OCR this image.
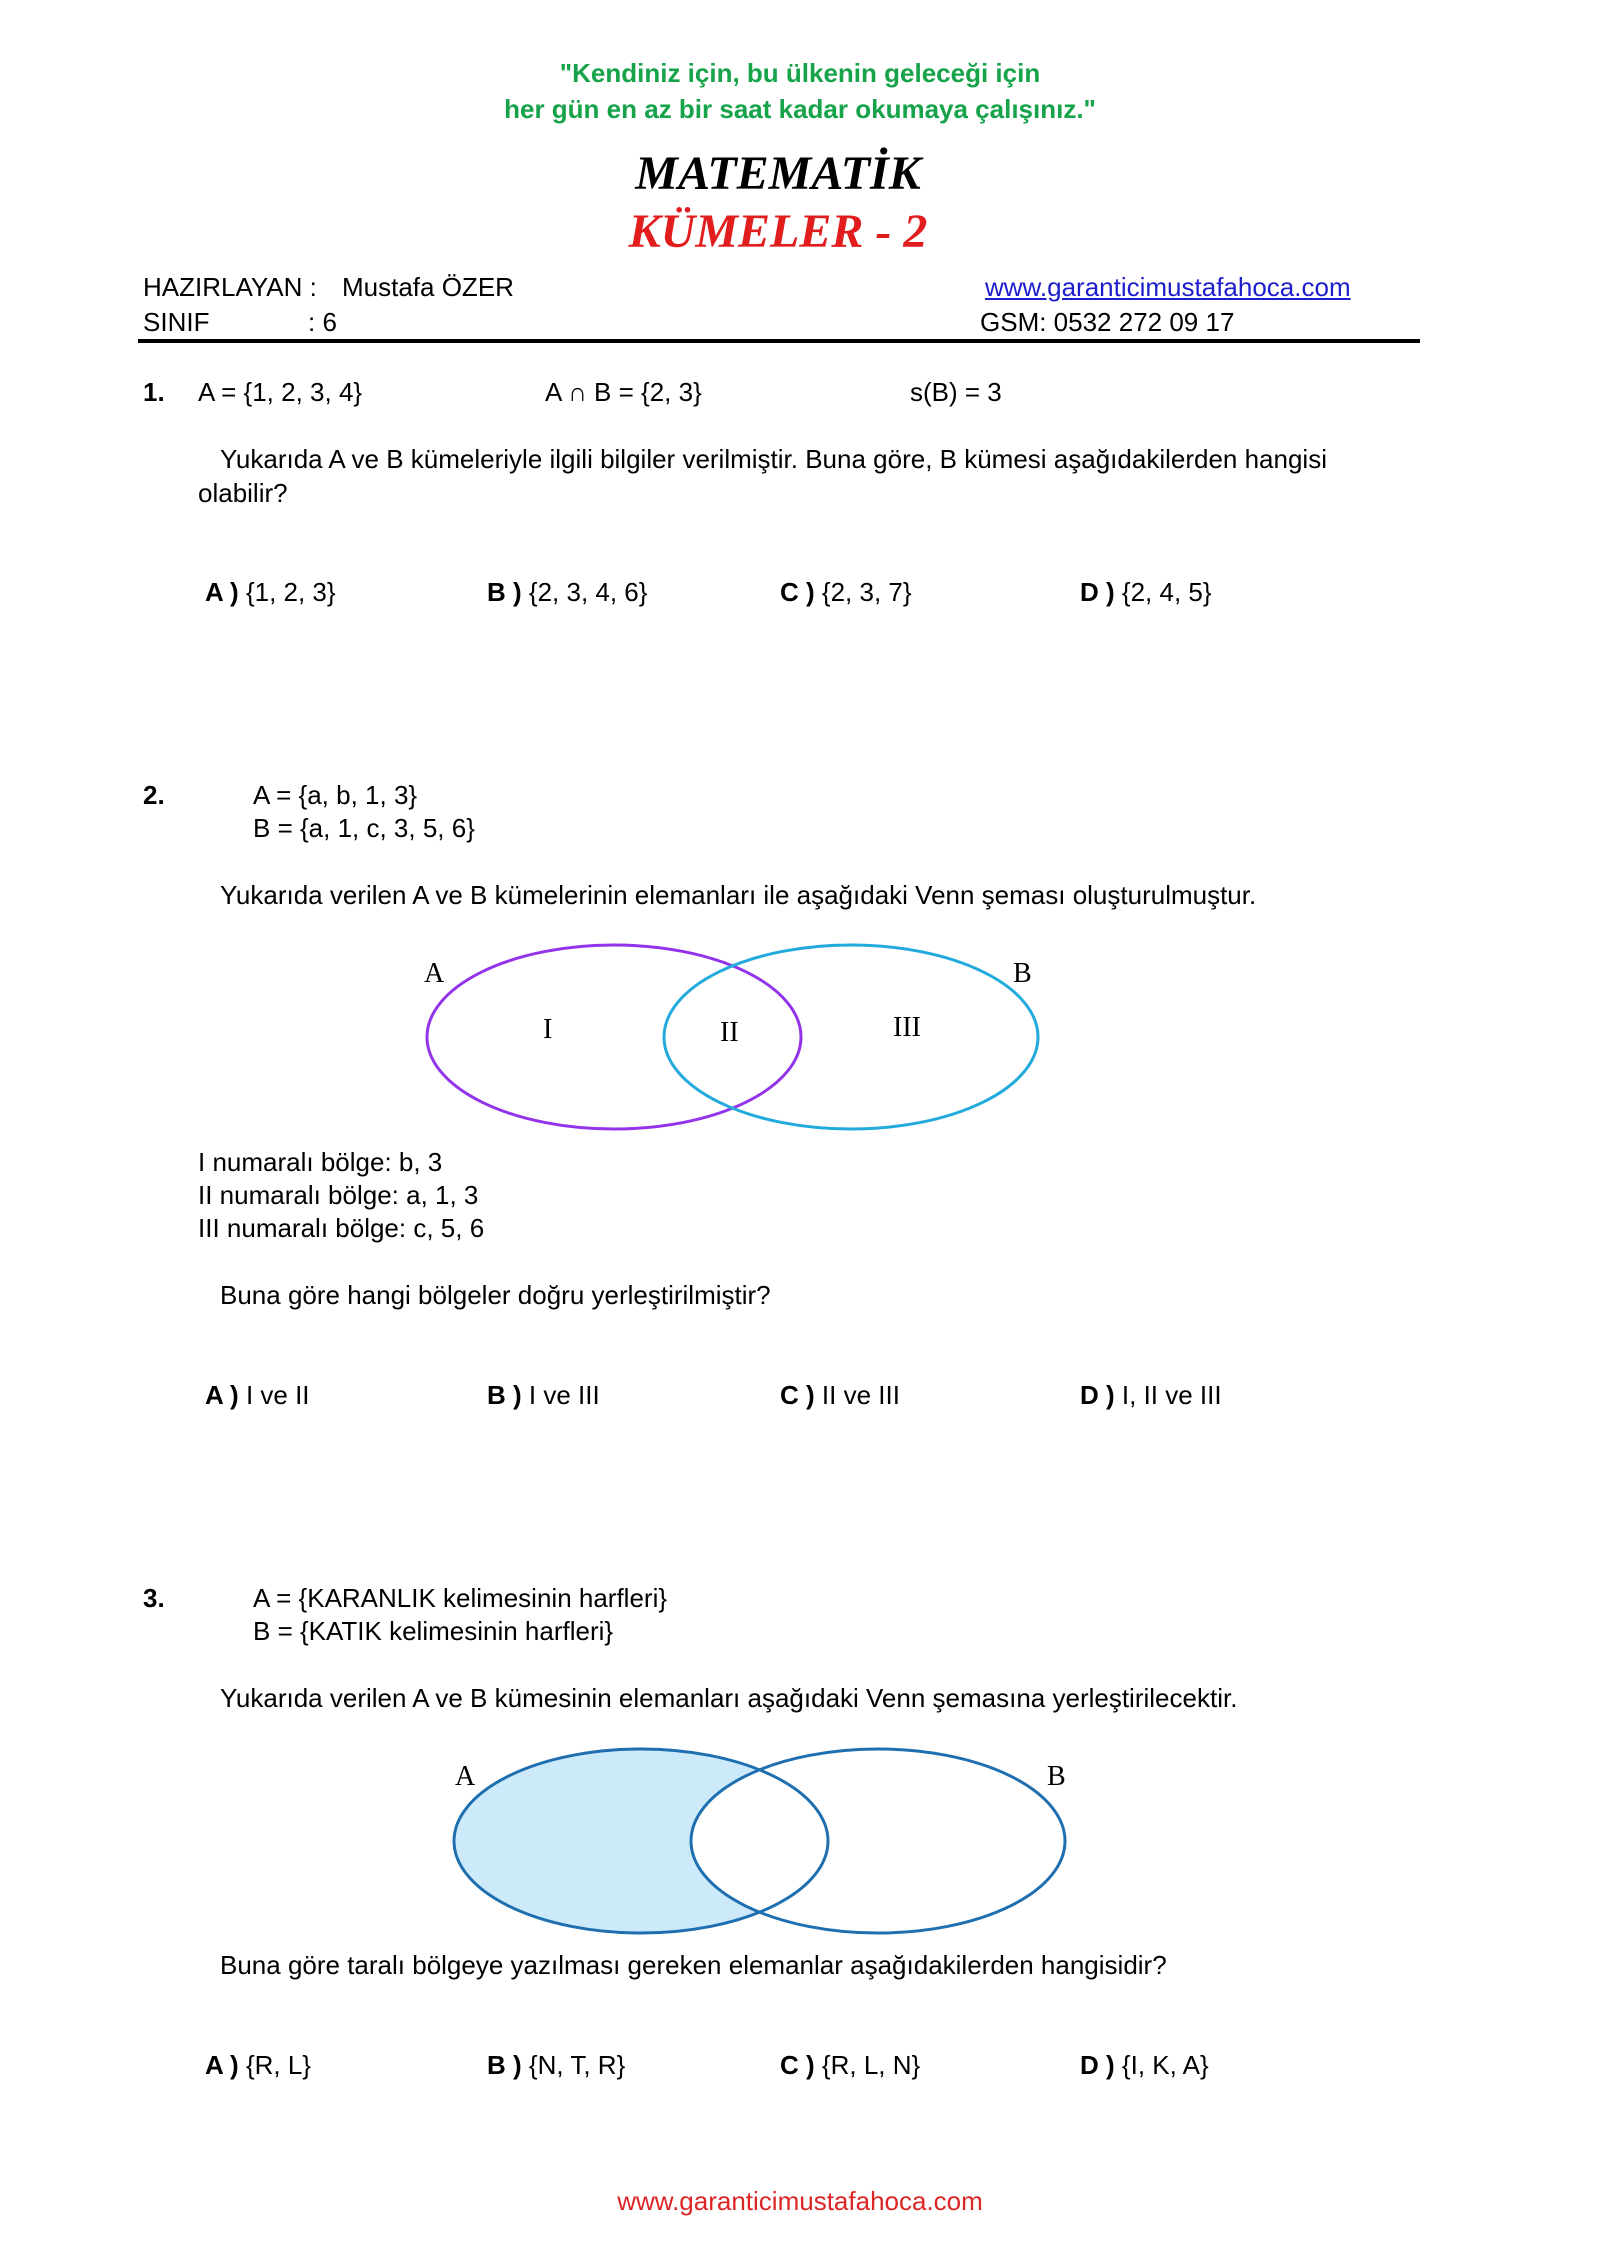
"Kendiniz için, bu ülkenin geleceği için
her gün en az bir saat kadar okumaya çalışınız."
MATEMATİK
KÜMELER - 2
HAZIRLAYAN : Mustafa ÖZER	www.garanticimustafahoca.com
SINIF	: 6	GSM: 0532 272 09 17
1. A = {1, 2, 3, 4}	A ∩ B = {2, 3}	s(B) = 3
Yukarıda A ve B kümeleriyle ilgili bilgiler verilmiştir. Buna göre, B kümesi aşağıdakilerden hangisi
olabilir?
A ) {1, 2, 3}	B ) {2, 3, 4, 6}	C ) {2, 3, 7}	D ) {2, 4, 5}
2.	A = {a, b, 1, 3}
B = {a, 1, c, 3, 5, 6}
Yukarıda verilen A ve B kümelerinin elemanları ile aşağıdaki Venn şeması oluşturulmuştur.
A	B
I	II	III
A	B
I numaralı bölge: b, 3
II numaralı bölge: a, 1, 3
III numaralı bölge: c, 5, 6
Buna göre hangi bölgeler doğru yerleştirilmiştir?
A ) I ve II	B ) I ve III	C ) II ve III	D ) I, II ve III
3.	A = {KARANLIK kelimesinin harfleri}
B = {KATIK kelimesinin harfleri}
Yukarıda verilen A ve B kümesinin elemanları aşağıdaki Venn şemasına yerleştirilecektir.
Buna göre taralı bölgeye yazılması gereken elemanlar aşağıdakilerden hangisidir?
A ) {R, L}	B ) {N, T, R}	C ) {R, L, N}	D ) {I, K, A}
www.garanticimustafahoca.com
